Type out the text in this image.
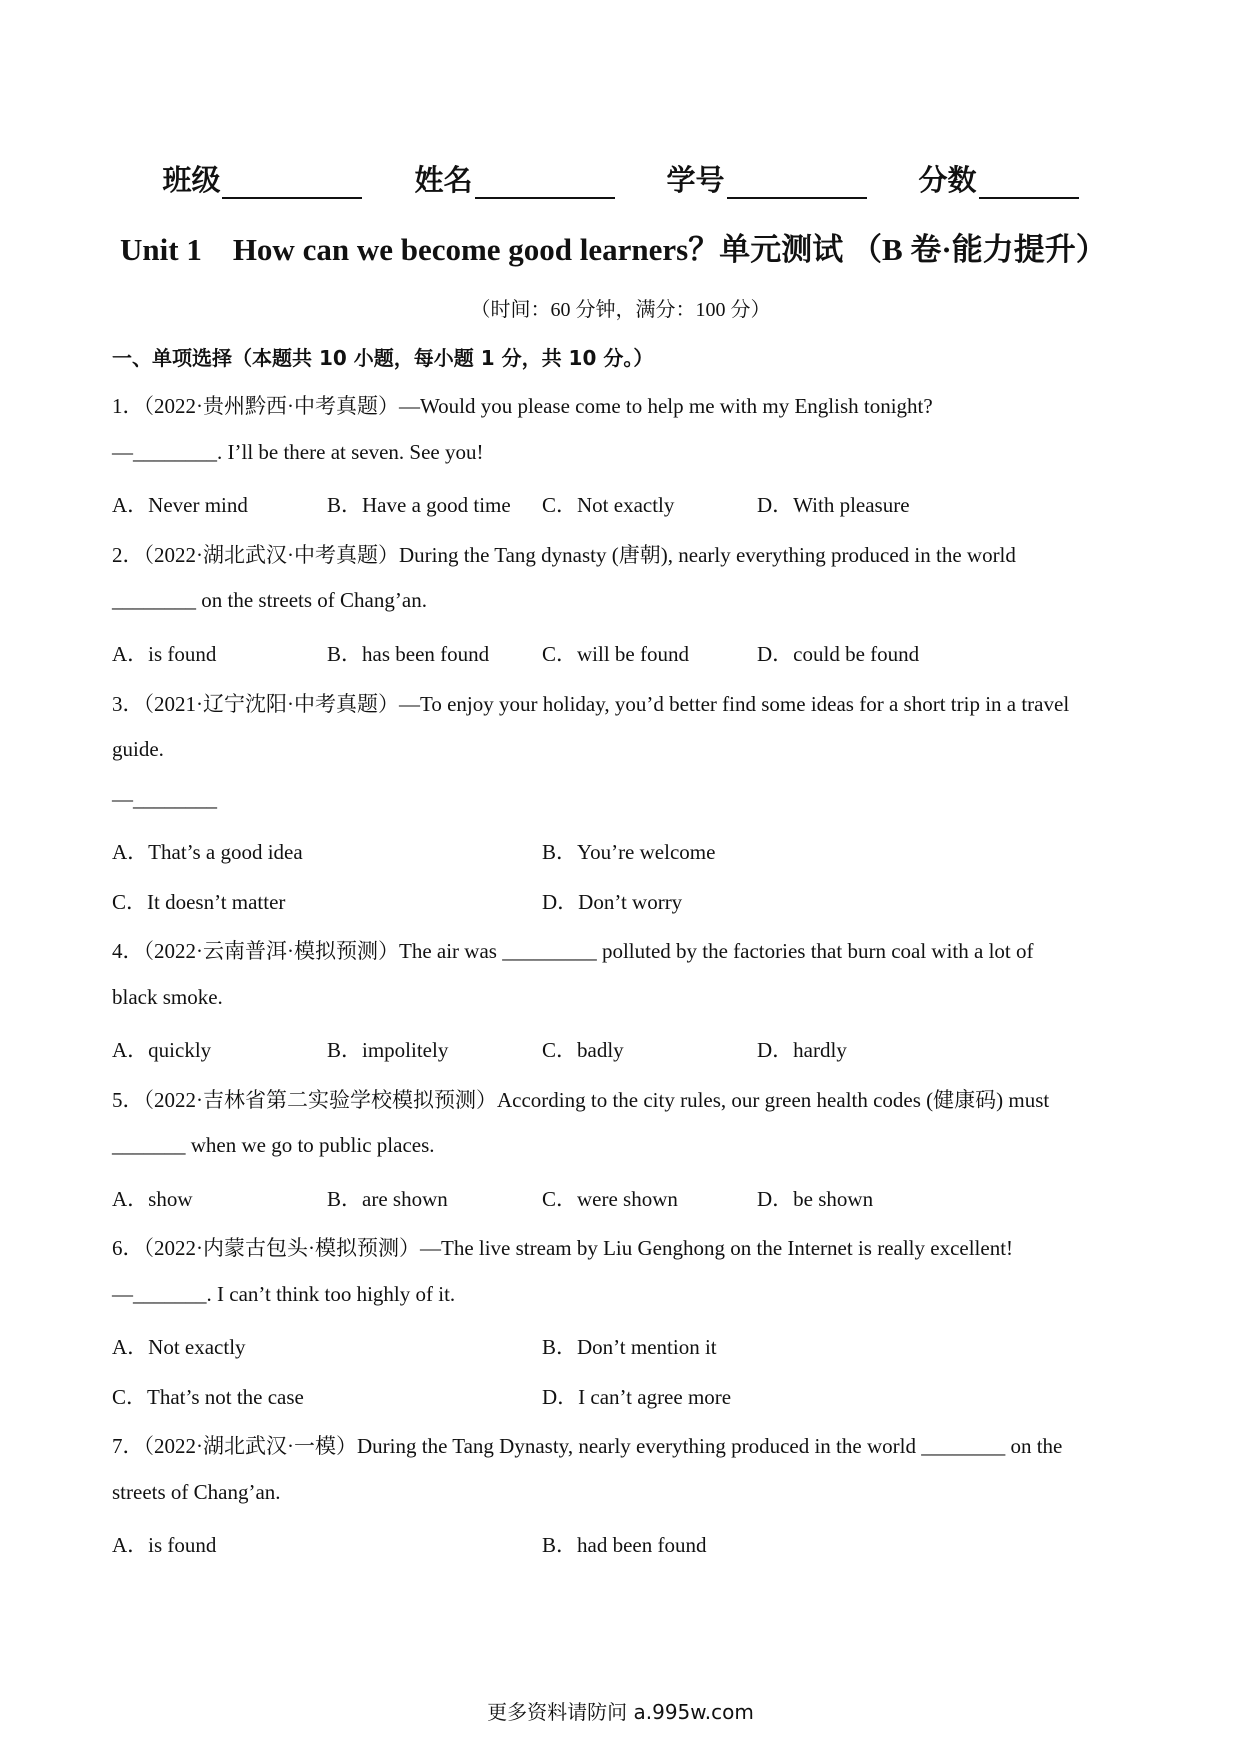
班级	姓名	学号	分数
Unit 1　How can we become good learners？单元测试 （B 卷·能力提升）
（时间：60 分钟，满分：100 分）
一、单项选择（本题共 10 小题，每小题 1 分，共 10 分。）
1．（2022·贵州黔西·中考真题）—Would you please come to help me with my English tonight?
—________. I’ll be there at seven. See you!
A．Never mind	B．Have a good time C．Not exactly	D．With pleasure
2．（2022·湖北武汉·中考真题）During the Tang dynasty (唐朝), nearly everything produced in the world
________ on the streets of Chang’an.
A．is found	B．has been found	C．will be found	D．could be found
3．（2021·辽宁沈阳·中考真题）—To enjoy your holiday, you’d better find some ideas for a short trip in a travel
guide.
—________
A．That’s a good idea	B．You’re welcome
C．It doesn’t matter	D．Don’t worry
4．（2022·云南普洱·模拟预测）The air was _________ polluted by the factories that burn coal with a lot of
black smoke.
A．quickly	B．impolitely	C．badly	D．hardly
5．（2022·吉林省第二实验学校模拟预测）According to the city rules, our green health codes (健康码) must
_______ when we go to public places.
A．show	B．are shown	C．were shown	D．be shown
6．（2022·内蒙古包头·模拟预测）—The live stream by Liu Genghong on the Internet is really excellent!
—_______. I can’t think too highly of it.
A．Not exactly	B．Don’t mention it
C．That’s not the case	D．I can’t agree more
7．（2022·湖北武汉·一模）During the Tang Dynasty, nearly everything produced in the world ________ on the
streets of Chang’an.
A．is found	B．had been found
更多资料请防问 a.995w.com
